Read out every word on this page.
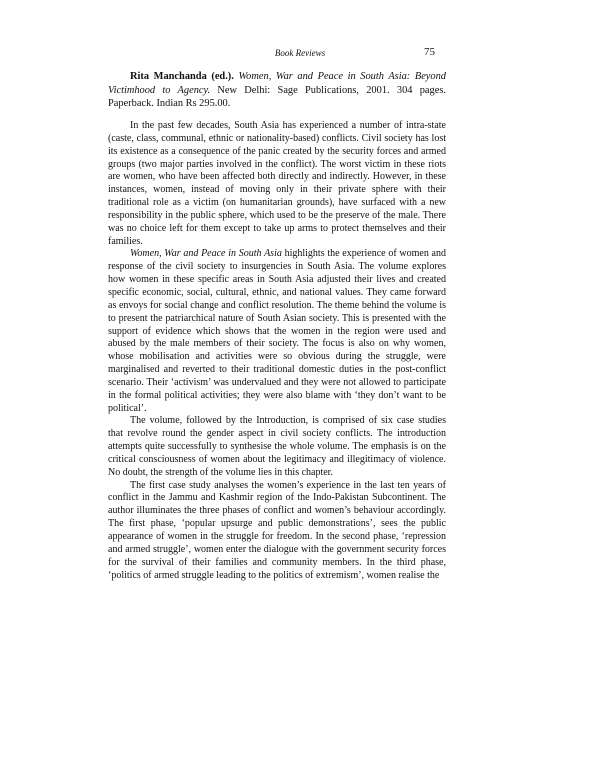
Book Reviews	75
Rita Manchanda (ed.). Women, War and Peace in South Asia: Beyond Victimhood to Agency. New Delhi: Sage Publications, 2001. 304 pages. Paperback. Indian Rs 295.00.

In the past few decades, South Asia has experienced a number of intra-state (caste, class, communal, ethnic or nationality-based) conflicts. Civil society has lost its existence as a consequence of the panic created by the security forces and armed groups (two major parties involved in the conflict). The worst victim in these riots are women, who have been affected both directly and indirectly. However, in these instances, women, instead of moving only in their private sphere with their traditional role as a victim (on humanitarian grounds), have surfaced with a new responsibility in the public sphere, which used to be the preserve of the male. There was no choice left for them except to take up arms to protect themselves and their families.

Women, War and Peace in South Asia highlights the experience of women and response of the civil society to insurgencies in South Asia. The volume explores how women in these specific areas in South Asia adjusted their lives and created specific economic, social, cultural, ethnic, and national values. They came forward as envoys for social change and conflict resolution. The theme behind the volume is to present the patriarchical nature of South Asian society. This is presented with the support of evidence which shows that the women in the region were used and abused by the male members of their society. The focus is also on why women, whose mobilisation and activities were so obvious during the struggle, were marginalised and reverted to their traditional domestic duties in the post-conflict scenario. Their ‘activism’ was undervalued and they were not allowed to participate in the formal political activities; they were also blame with ‘they don’t want to be political’.

The volume, followed by the Introduction, is comprised of six case studies that revolve round the gender aspect in civil society conflicts. The introduction attempts quite successfully to synthesise the whole volume. The emphasis is on the critical consciousness of women about the legitimacy and illegitimacy of violence. No doubt, the strength of the volume lies in this chapter.

The first case study analyses the women’s experience in the last ten years of conflict in the Jammu and Kashmir region of the Indo-Pakistan Subcontinent. The author illuminates the three phases of conflict and women’s behaviour accordingly. The first phase, ‘popular upsurge and public demonstrations’, sees the public appearance of women in the struggle for freedom. In the second phase, ‘repression and armed struggle’, women enter the dialogue with the government security forces for the survival of their families and community members. In the third phase, ‘politics of armed struggle leading to the politics of extremism’, women realise the
